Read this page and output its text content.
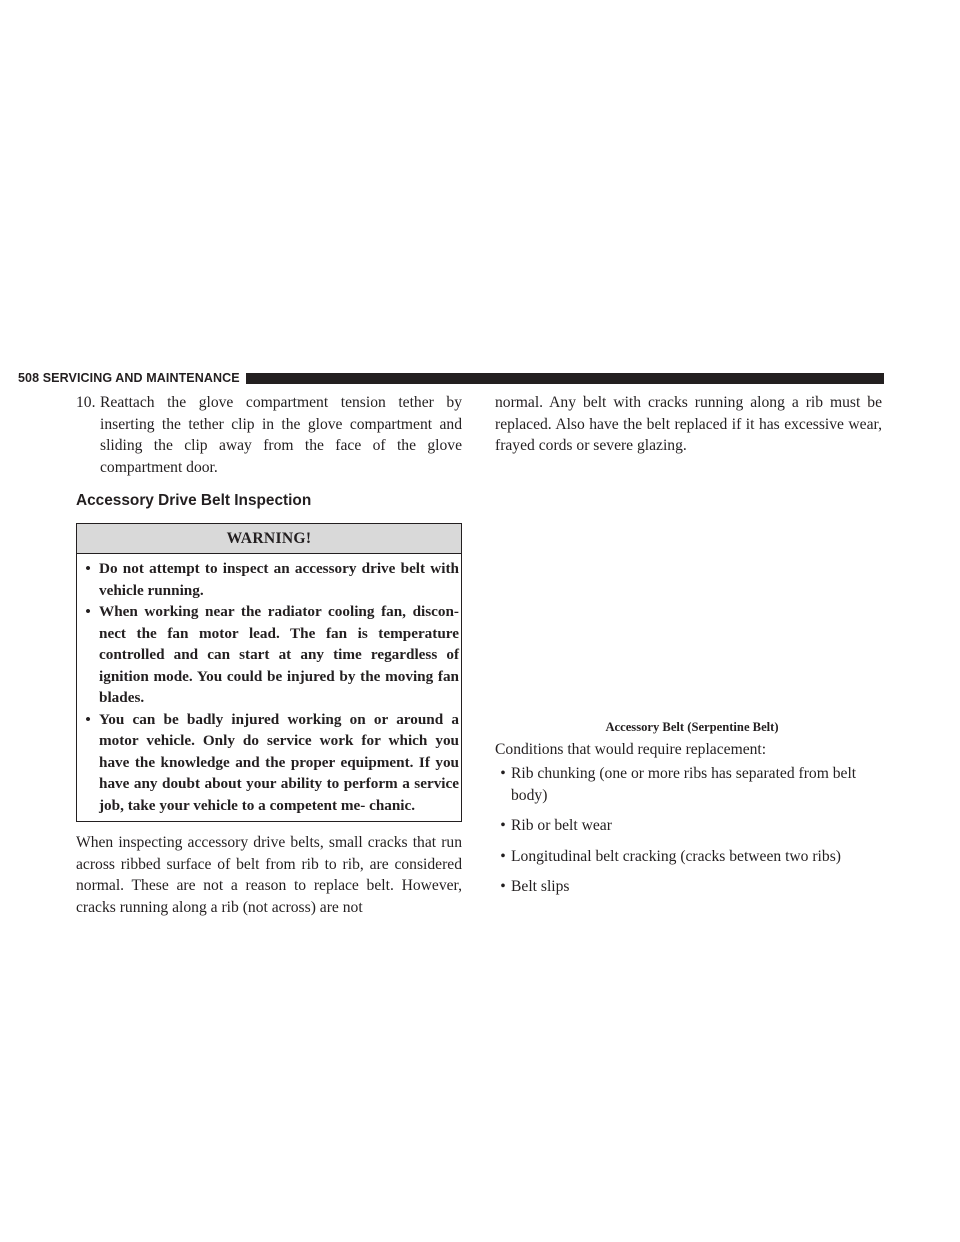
508 SERVICING AND MAINTENANCE
10. Reattach the glove compartment tension tether by inserting the tether clip in the glove compartment and sliding the clip away from the face of the glove compartment door.
Accessory Drive Belt Inspection
WARNING!
• Do not attempt to inspect an accessory drive belt with vehicle running.
• When working near the radiator cooling fan, discon- nect the fan motor lead. The fan is temperature controlled and can start at any time regardless of ignition mode. You could be injured by the moving fan blades.
• You can be badly injured working on or around a motor vehicle. Only do service work for which you have the knowledge and the proper equipment. If you have any doubt about your ability to perform a service job, take your vehicle to a competent me- chanic.

When inspecting accessory drive belts, small cracks that run across ribbed surface of belt from rib to rib, are considered normal. These are not a reason to replace belt. However, cracks running along a rib (not across) are not

normal. Any belt with cracks running along a rib must be replaced. Also have the belt replaced if it has excessive wear, frayed cords or severe glazing.

Accessory Belt (Serpentine Belt)

Conditions that would require replacement:

• Rib chunking (one or more ribs has separated from belt body)
• Rib or belt wear
• Longitudinal belt cracking (cracks between two ribs)
• Belt slips
